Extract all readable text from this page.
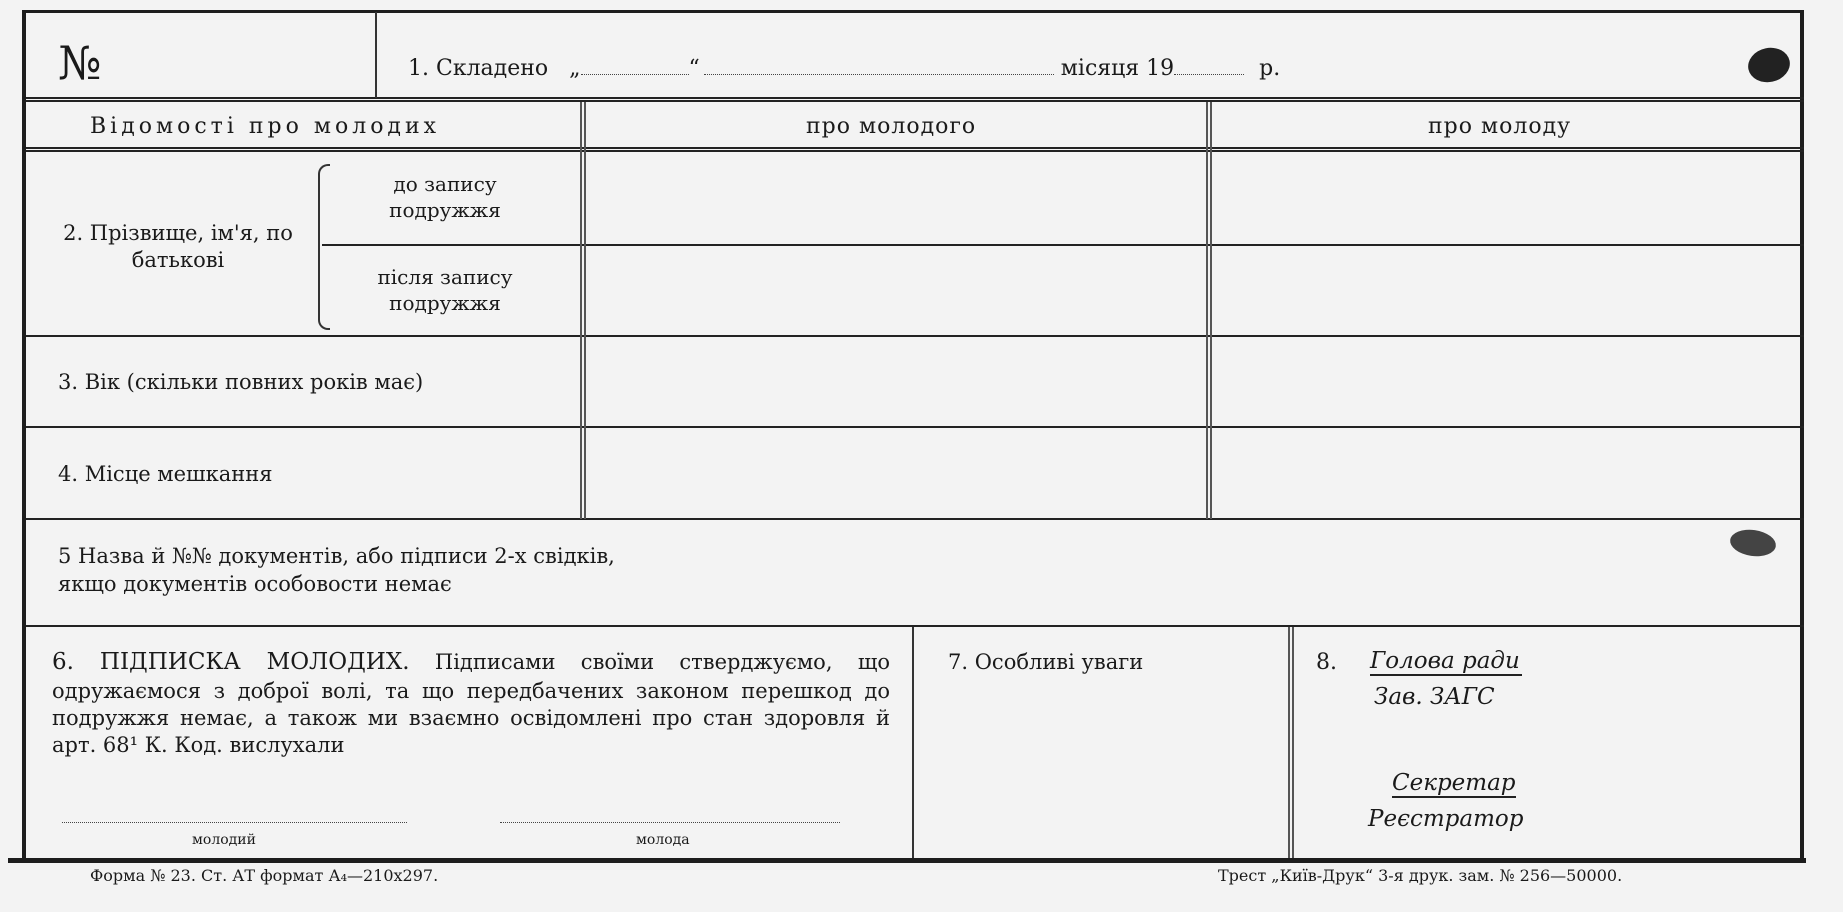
№	1. Складено „	“	місяця 19	р.
Відомості про молодих	про молодого	про молоду
2. Прізвище, ім'я, по батькові
до запису подружжя
після запису подружжя
3. Вік (скільки повних років має)
4. Місце мешкання
5 Назва й №№ документів, або підписи 2-х свідків, якщо документів особовости немає
6. ПІДПИСКА МОЛОДИХ. Підписами своїми стверджуємо, що одружаємося з доброї волі, та що передбачених законом перешкод до подружжя немає, а також ми взаємно освідомлені про стан здоровля й арт. 68¹ К. Код. вислухали
молодий	молода
7. Особливі уваги	8. Голова ради
Зав. ЗАГС
Секретар
Реєстратор
Форма № 23. Ст. АТ формат А₄—210х297.	Трест „Київ-Друк“ 3-я друк. зам. № 256—50000.
